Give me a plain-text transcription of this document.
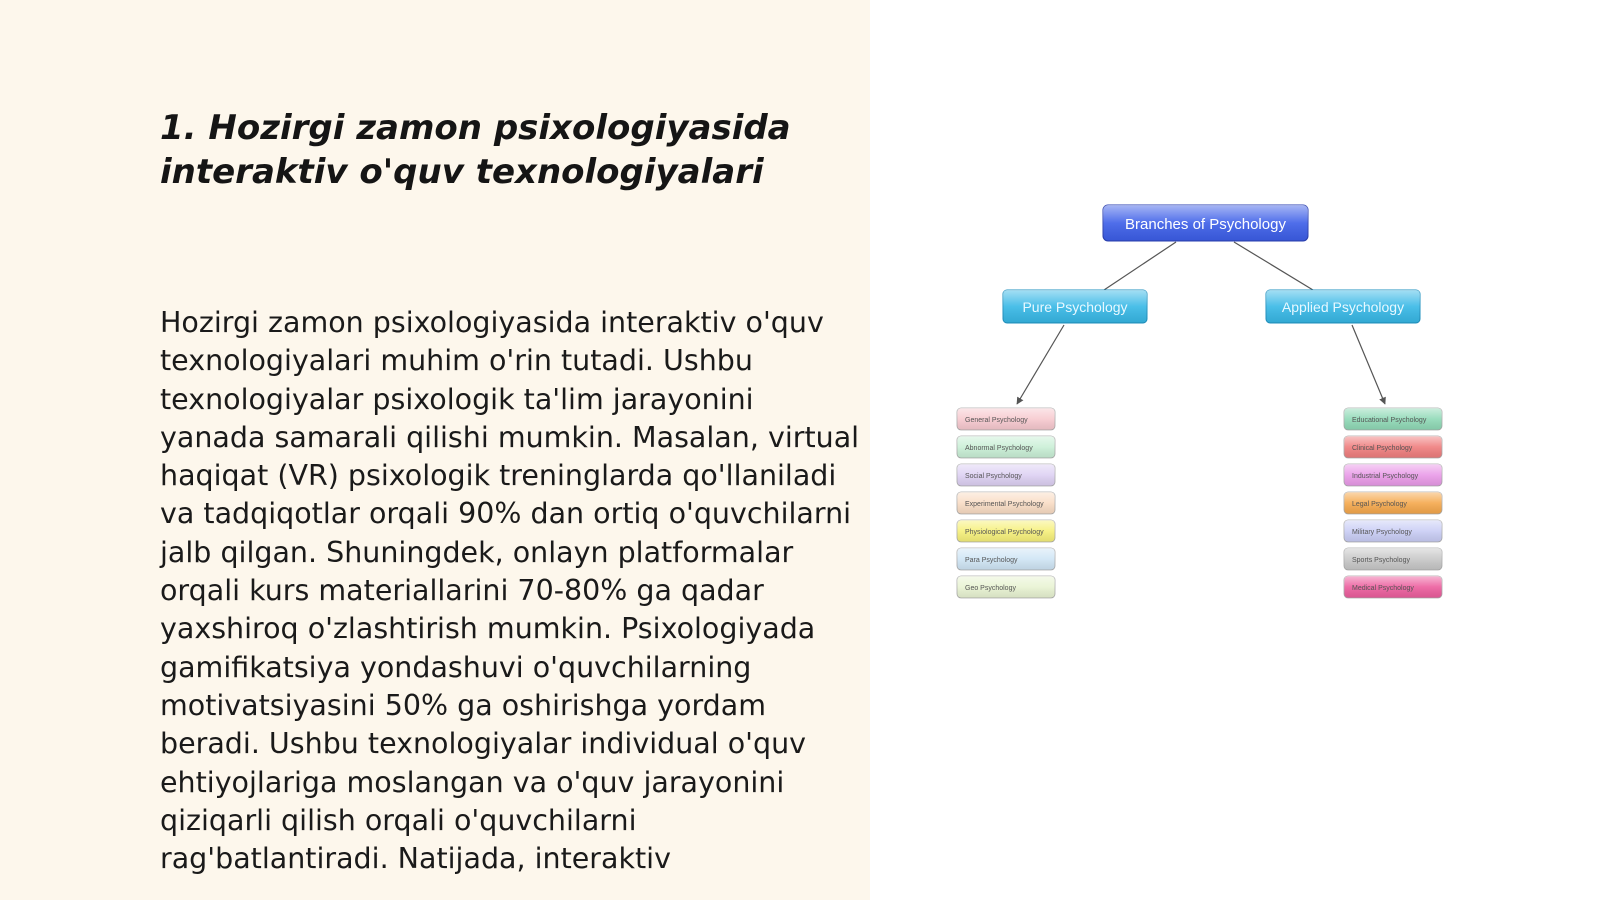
1. Hozirgi zamon psixologiyasida interaktiv o'quv texnologiyalari

Hozirgi zamon psixologiyasida interaktiv o'quv texnologiyalari muhim o'rin tutadi. Ushbu texnologiyalar psixologik ta'lim jarayonini yanada samarali qilishi mumkin. Masalan, virtual haqiqat (VR) psixologik treninglarda qo'llaniladi va tadqiqotlar orqali 90% dan ortiq o'quvchilarni jalb qilgan. Shuningdek, onlayn platformalar orqali kurs materiallarini 70-80% ga qadar yaxshiroq o'zlashtirish mumkin. Psixologiyada gamifikatsiya yondashuvi o'quvchilarning motivatsiyasini 50% ga oshirishga yordam beradi. Ushbu texnologiyalar individual o'quv ehtiyojlariga moslangan va o'quv jarayonini qiziqarli qilish orqali o'quvchilarni rag'batlantiradi. Natijada, interaktiv

Branches of Psychology
Pure Psychology	Applied Psychology
General Psychology
Abnormal Psychology
Social Psychology
Experimental Psychology
Physiological Psychology
Para Psychology
Geo Psychology
Educational Psychology
Clinical Psychology
Industrial Psychology
Legal Psychology
Military Psychology
Sports Psychology
Medical Psychology
